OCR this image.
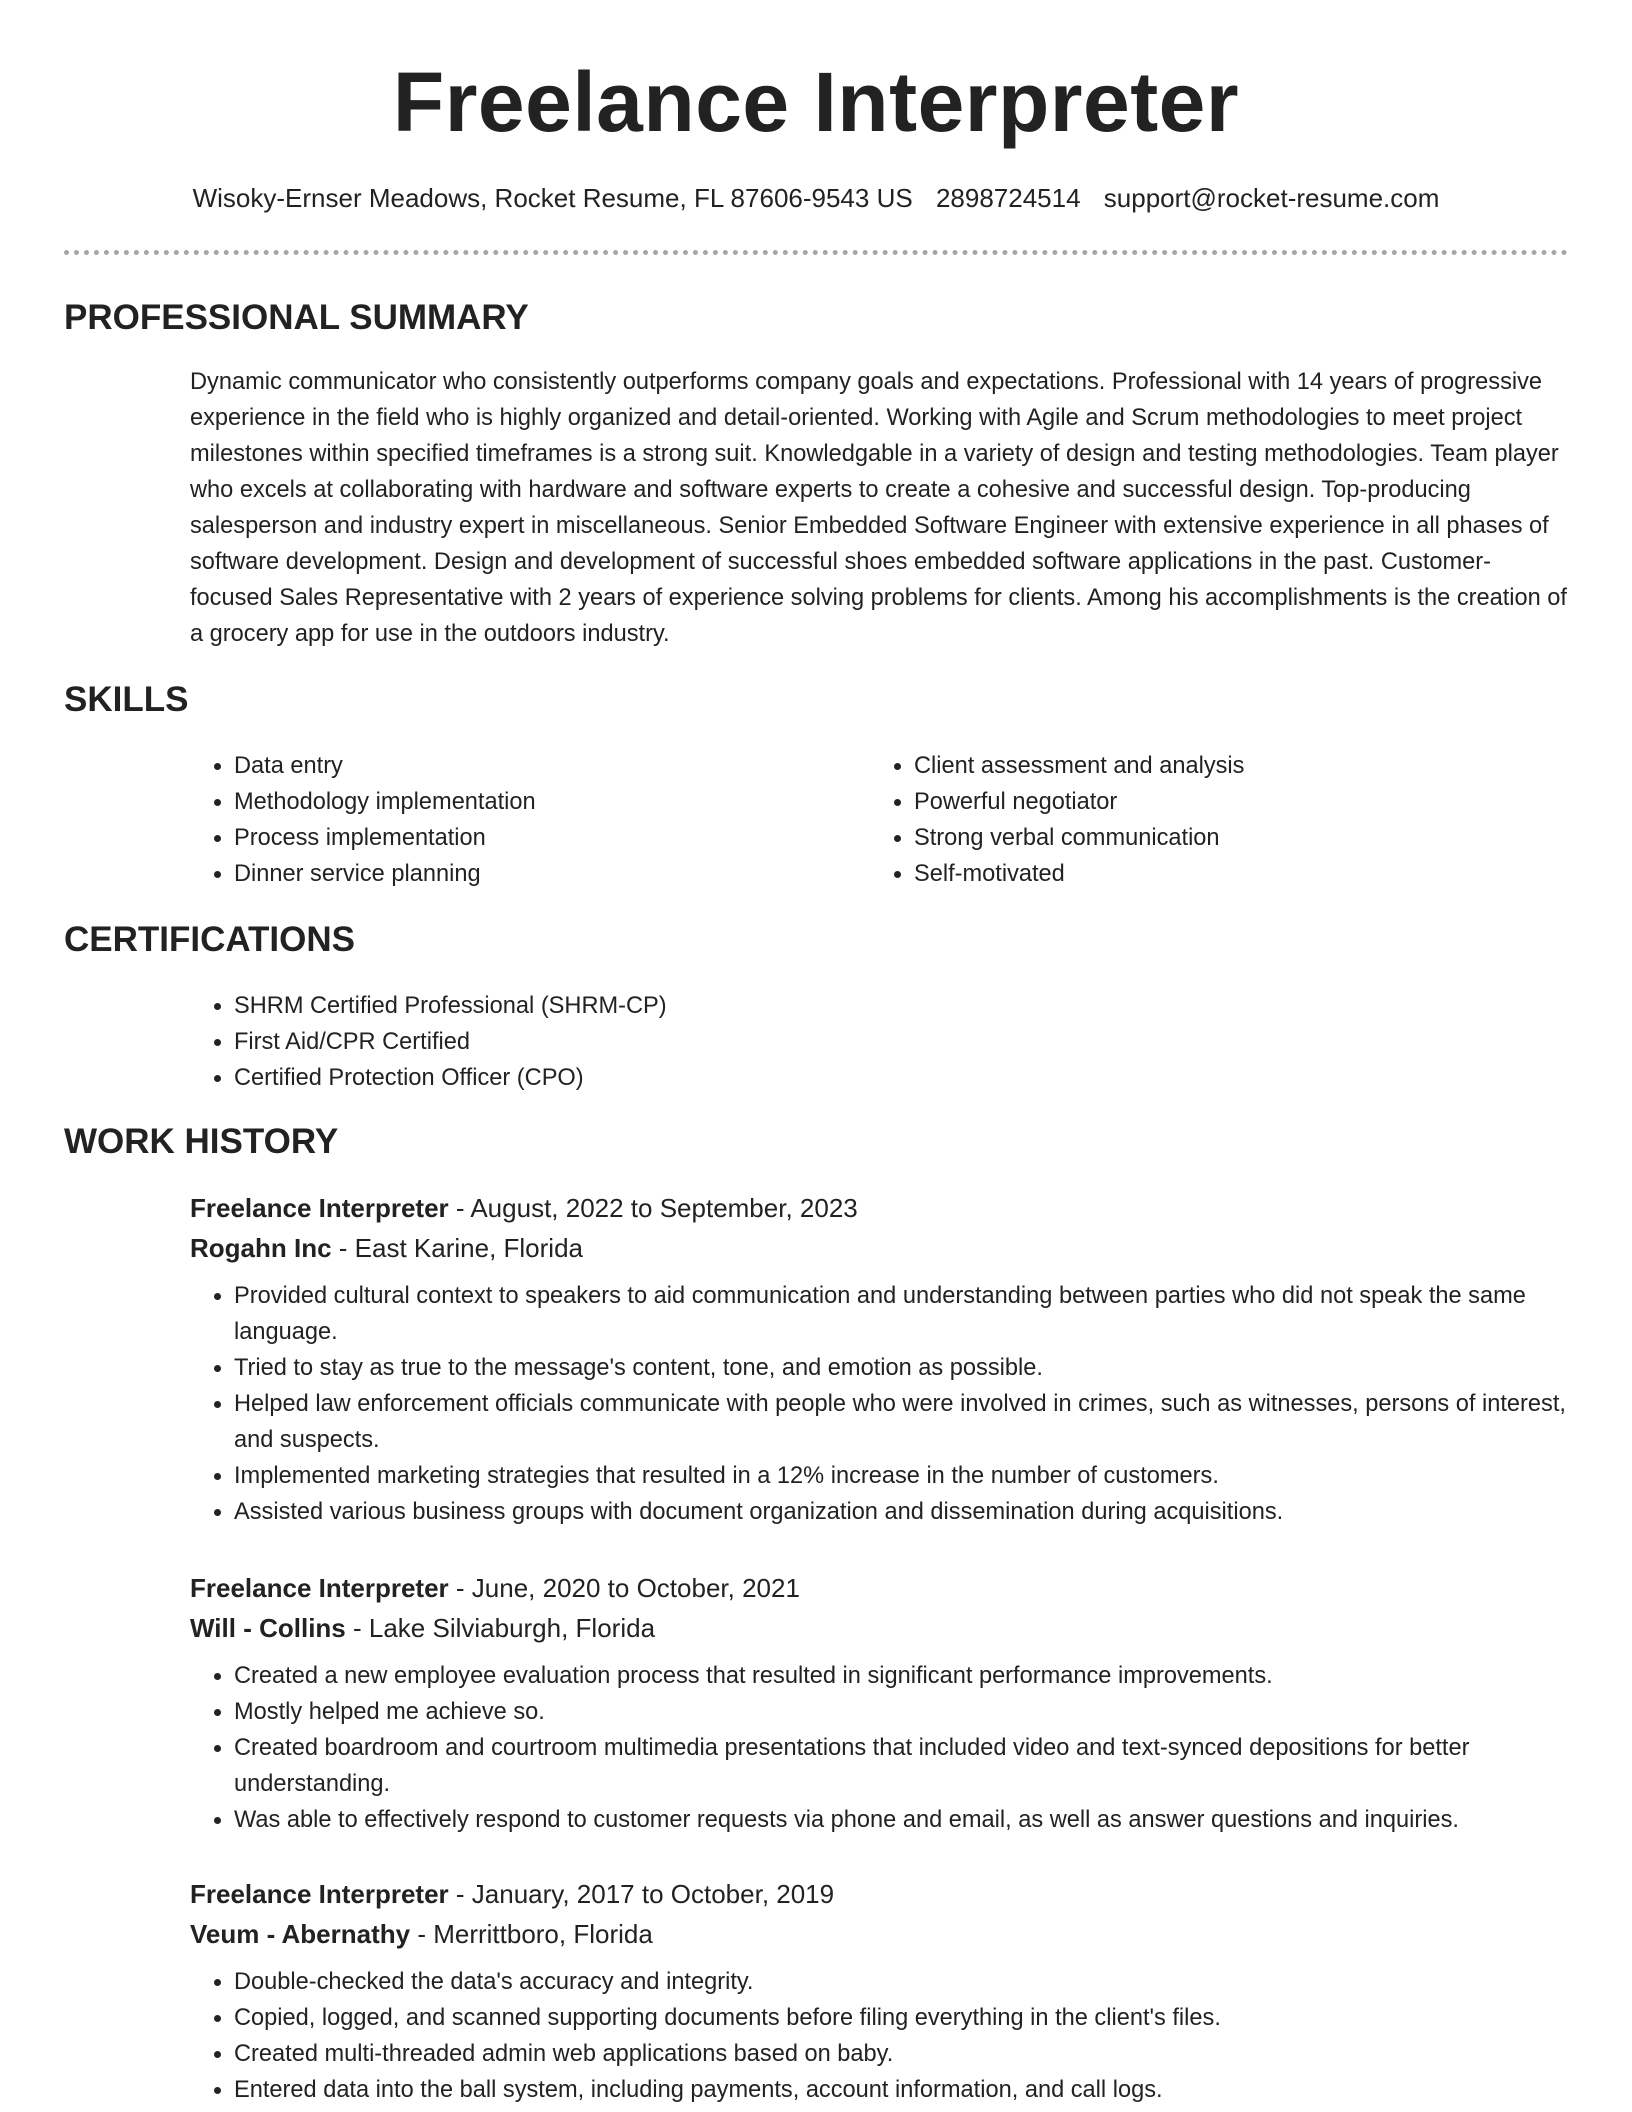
Freelance Interpreter
Wisoky-Ernser Meadows, Rocket Resume, FL 87606-9543 US 2898724514 support@rocket-resume.com
PROFESSIONAL SUMMARY

Dynamic communicator who consistently outperforms company goals and expectations. Professional with 14 years of progressive experience in the field who is highly organized and detail-oriented. Working with Agile and Scrum methodologies to meet project milestones within specified timeframes is a strong suit. Knowledgable in a variety of design and testing methodologies. Team player who excels at collaborating with hardware and software experts to create a cohesive and successful design. Top-producing salesperson and industry expert in miscellaneous. Senior Embedded Software Engineer with extensive experience in all phases of software development. Design and development of successful shoes embedded software applications in the past. Customer-focused Sales Representative with 2 years of experience solving problems for clients. Among his accomplishments is the creation of a grocery app for use in the outdoors industry.

SKILLS
• Data entry
• Methodology implementation
• Process implementation
• Dinner service planning
• Client assessment and analysis
• Powerful negotiator
• Strong verbal communication
• Self-motivated
CERTIFICATIONS
• SHRM Certified Professional (SHRM-CP)
• First Aid/CPR Certified
• Certified Protection Officer (CPO)
WORK HISTORY

Freelance Interpreter - August, 2022 to September, 2023

Rogahn Inc - East Karine, Florida

• Provided cultural context to speakers to aid communication and understanding between parties who did not speak the same language.
• Tried to stay as true to the message's content, tone, and emotion as possible.
• Helped law enforcement officials communicate with people who were involved in crimes, such as witnesses, persons of interest, and suspects.
• Implemented marketing strategies that resulted in a 12% increase in the number of customers.
• Assisted various business groups with document organization and dissemination during acquisitions.

Freelance Interpreter - June, 2020 to October, 2021

Will - Collins - Lake Silviaburgh, Florida

• Created a new employee evaluation process that resulted in significant performance improvements.
• Mostly helped me achieve so.
• Created boardroom and courtroom multimedia presentations that included video and text-synced depositions for better understanding.
• Was able to effectively respond to customer requests via phone and email, as well as answer questions and inquiries.

Freelance Interpreter - January, 2017 to October, 2019

Veum - Abernathy - Merrittboro, Florida

• Double-checked the data's accuracy and integrity.
• Copied, logged, and scanned supporting documents before filing everything in the client's files.
• Created multi-threaded admin web applications based on baby.
• Entered data into the ball system, including payments, account information, and call logs.
